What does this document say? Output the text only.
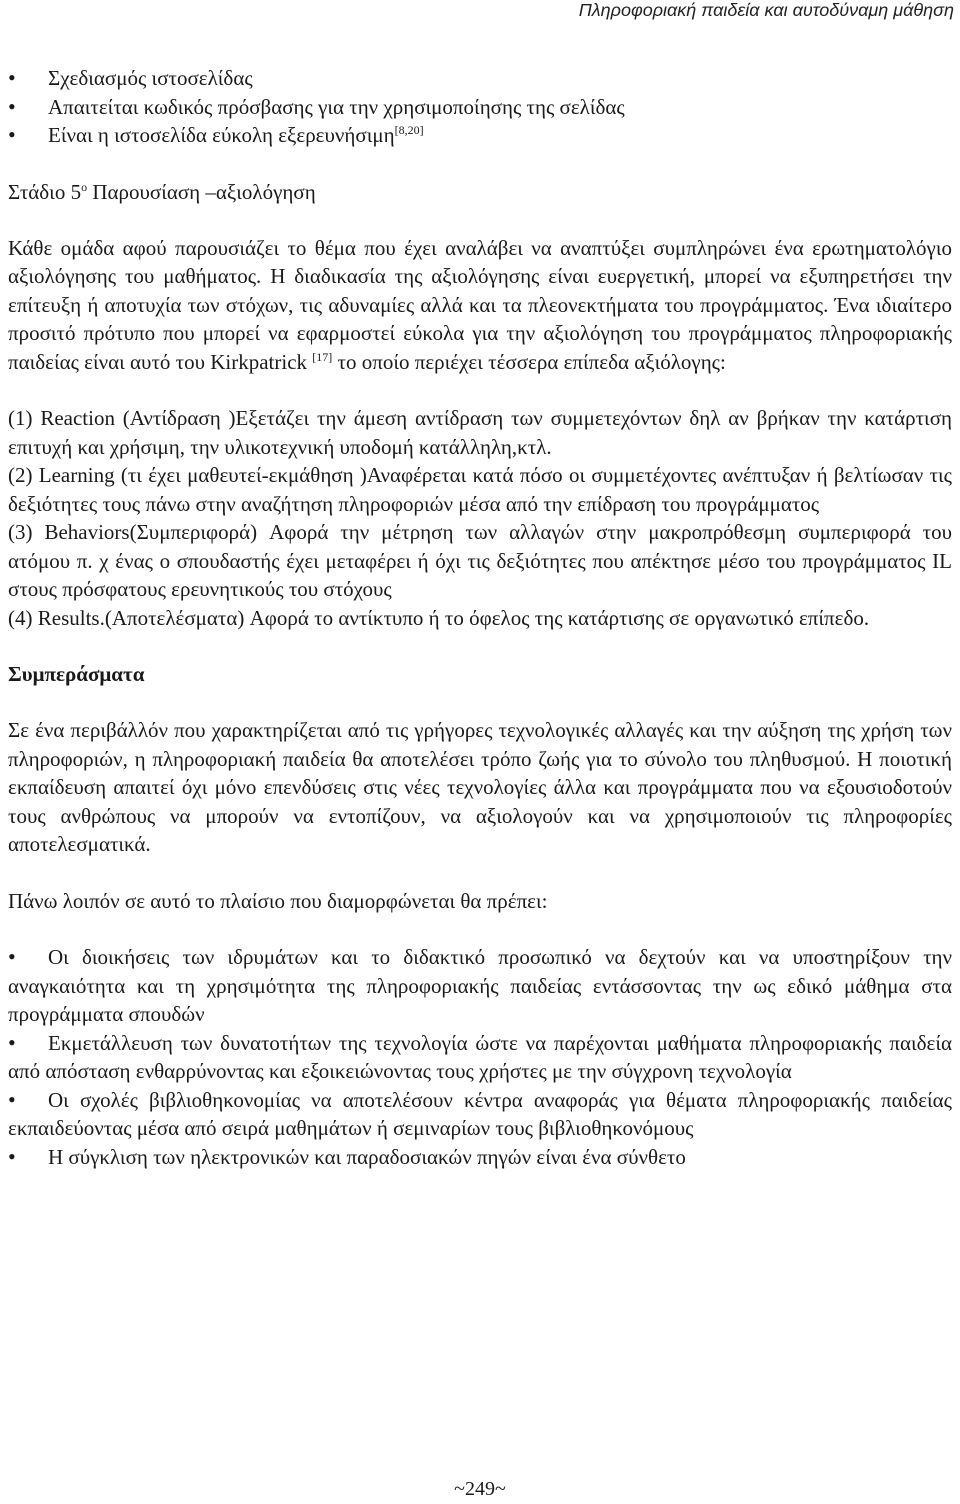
Πληροφοριακή παιδεία και αυτοδύναμη μάθηση
• Σχεδιασμός ιστοσελίδας
• Απαιτείται κωδικός πρόσβασης για την χρησιμοποίησης της σελίδας
• Είναι η ιστοσελίδα εύκολη εξερευνήσιμη[8,20]

Στάδιο $5^o$ Παρουσίαση –αξιολόγηση

Κάθε ομάδα αφού παρουσιάζει το θέμα που έχει αναλάβει να αναπτύξει συμπληρώνει ένα ερωτηματολόγιο αξιολόγησης του μαθήματος. Η διαδικασία της αξιολόγησης είναι ευεργετική, μπορεί να εξυπηρετήσει την επίτευξη ή αποτυχία των στόχων, τις αδυναμίες αλλά και τα πλεονεκτήματα του προγράμματος. Ένα ιδιαίτερο προσιτό πρότυπο που μπορεί να εφαρμοστεί εύκολα για την αξιολόγηση του προγράμματος πληροφοριακής παιδείας είναι αυτό του Kirkpatrick [17] το οποίο περιέχει τέσσερα επίπεδα αξιόλογης:

(1) Reaction (Αντίδραση )Εξετάζει την άμεση αντίδραση των συμμετεχόντων δηλ αν βρήκαν την κατάρτιση επιτυχή και χρήσιμη, την υλικοτεχνική υποδομή κατάλληλη,κτλ.

(2) Learning (τι έχει μαθευτεί-εκμάθηση )Αναφέρεται κατά πόσο οι συμμετέχοντες ανέπτυξαν ή βελτίωσαν τις δεξιότητες τους πάνω στην αναζήτηση πληροφοριών μέσα από την επίδραση του προγράμματος

(3) Behaviors(Συμπεριφορά) Αφορά την μέτρηση των αλλαγών στην μακροπρόθεσμη συμπεριφορά του ατόμου π. χ ένας ο σπουδαστής έχει μεταφέρει ή όχι τις δεξιότητες που απέκτησε μέσο του προγράμματος IL στους πρόσφατους ερευνητικούς του στόχους

(4) Results.(Αποτελέσματα) Αφορά το αντίκτυπο ή το όφελος της κατάρτισης σε οργανωτικό επίπεδο.

Συμπεράσματα

Σε ένα περιβάλλόν που χαρακτηρίζεται από τις γρήγορες τεχνολογικές αλλαγές και την αύξηση της χρήση των πληροφοριών, η πληροφοριακή παιδεία θα αποτελέσει τρόπο ζωής για το σύνολο του πληθυσμού. Η ποιοτική εκπαίδευση απαιτεί όχι μόνο επενδύσεις στις νέες τεχνολογίες άλλα και προγράμματα που να εξουσιοδοτούν τους ανθρώπους να μπορούν να εντοπίζουν, να αξιολογούν και να χρησιμοποιούν τις πληροφορίες αποτελεσματικά.

Πάνω λοιπόν σε αυτό το πλαίσιο που διαμορφώνεται θα πρέπει:

• Οι διοικήσεις των ιδρυμάτων και το διδακτικό προσωπικό να δεχτούν και να υποστηρίξουν την αναγκαιότητα και τη χρησιμότητα της πληροφοριακής παιδείας εντάσσοντας την ως εδικό μάθημα στα προγράμματα σπουδών
• Εκμετάλλευση των δυνατοτήτων της τεχνολογία ώστε να παρέχονται μαθήματα πληροφοριακής παιδεία από απόσταση ενθαρρύνοντας και εξοικειώνοντας τους χρήστες με την σύγχρονη τεχνολογία
• Οι σχολές βιβλιοθηκονομίας να αποτελέσουν κέντρα αναφοράς για θέματα πληροφοριακής παιδείας εκπαιδεύοντας μέσα από σειρά μαθημάτων ή σεμιναρίων τους βιβλιοθηκονόμους
• Η σύγκλιση των ηλεκτρονικών και παραδοσιακών πηγών είναι ένα σύνθετο
~249~
